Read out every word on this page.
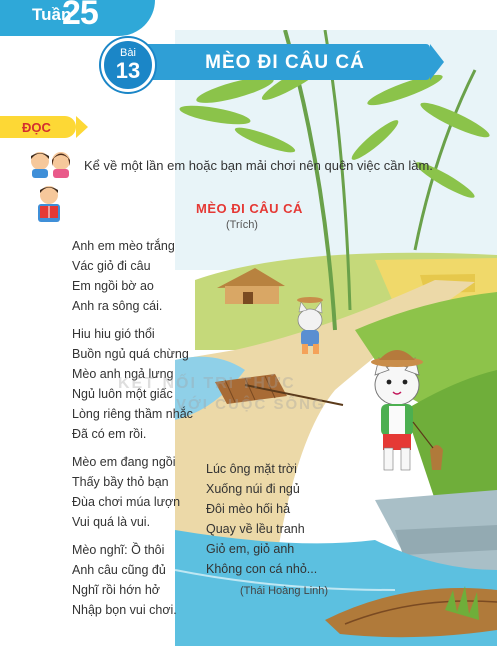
Tuần
25
MÈO ĐI CÂU CÁ
Bài
13
ĐỌC
Kể về một lần em hoặc bạn mải chơi nên quên việc cần làm.
MÈO ĐI CÂU CÁ
(Trích)
Anh em mèo trắng
Vác giỏ đi câu
Em ngồi bờ ao
Anh ra sông cái.
Hiu hiu gió thổi
Buồn ngủ quá chừng
Mèo anh ngả lưng
Ngủ luôn một giấc
Lòng riêng thầm nhắc
Đã có em rồi.
Mèo em đang ngồi
Thấy bầy thỏ bạn
Đùa chơi múa lượn
Vui quá là vui.
Mèo nghĩ: Ồ thôi
Anh câu cũng đủ
Nghĩ rồi hớn hở
Nhập bọn vui chơi.
Lúc ông mặt trời
Xuống núi đi ngủ
Đôi mèo hối hả
Quay về lều tranh
Giỏ em, giỏ anh
Không con cá nhỏ...
(Thái Hoàng Linh)
KẾT NỐI TRI THỨC
VỚI CUỘC SỐNG
